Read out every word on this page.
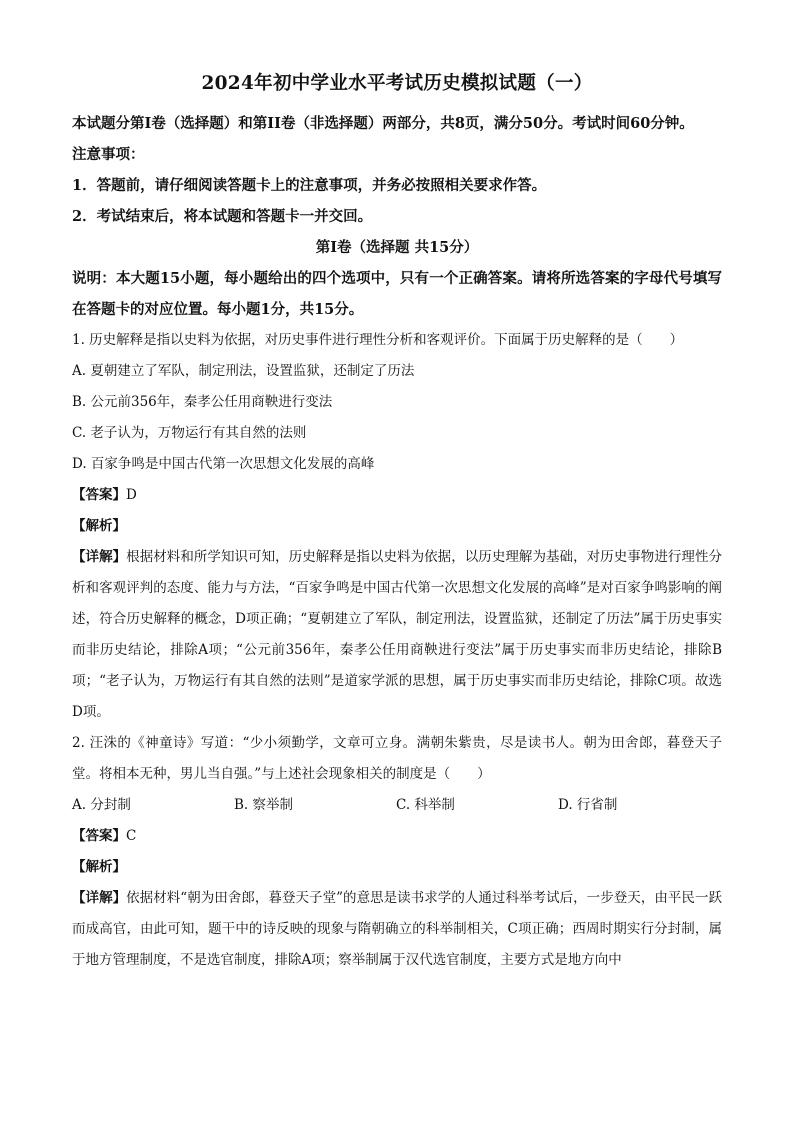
2024年初中学业水平考试历史模拟试题（一）

本试题分第Ⅰ卷（选择题）和第II卷（非选择题）两部分，共8页，满分50分。考试时间60分钟。

注意事项：

1．答题前，请仔细阅读答题卡上的注意事项，并务必按照相关要求作答。

2．考试结束后，将本试题和答题卡一并交回。

第Ⅰ卷（选择题 共15分）

说明：本大题15小题，每小题给出的四个选项中，只有一个正确答案。请将所选答案的字母代号填写在答题卡的对应位置。每小题1分，共15分。

1. 历史解释是指以史料为依据，对历史事件进行理性分析和客观评价。下面属于历史解释的是（　　）

A. 夏朝建立了军队，制定刑法，设置监狱，还制定了历法

B. 公元前356年，秦孝公任用商鞅进行变法

C. 老子认为，万物运行有其自然的法则

D. 百家争鸣是中国古代第一次思想文化发展的高峰

【答案】D

【解析】

【详解】根据材料和所学知识可知，历史解释是指以史料为依据，以历史理解为基础，对历史事物进行理性分析和客观评判的态度、能力与方法，“百家争鸣是中国古代第一次思想文化发展的高峰”是对百家争鸣影响的阐述，符合历史解释的概念，D项正确；“夏朝建立了军队，制定刑法，设置监狱，还制定了历法”属于历史事实而非历史结论，排除A项；“公元前356年，秦孝公任用商鞅进行变法”属于历史事实而非历史结论，排除B项；“老子认为，万物运行有其自然的法则”是道家学派的思想，属于历史事实而非历史结论，排除C项。故选D项。

2. 汪洙的《神童诗》写道：“少小须勤学，文章可立身。满朝朱紫贵，尽是读书人。朝为田舍郎，暮登天子堂。将相本无种，男儿当自强。”与上述社会现象相关的制度是（　　）

A. 分封制	B. 察举制	C. 科举制	D. 行省制

【答案】C

【解析】

【详解】依据材料“朝为田舍郎，暮登天子堂”的意思是读书求学的人通过科举考试后，一步登天，由平民一跃而成高官，由此可知，题干中的诗反映的现象与隋朝确立的科举制相关，C项正确；西周时期实行分封制，属于地方管理制度，不是选官制度，排除A项；察举制属于汉代选官制度，主要方式是地方向中
